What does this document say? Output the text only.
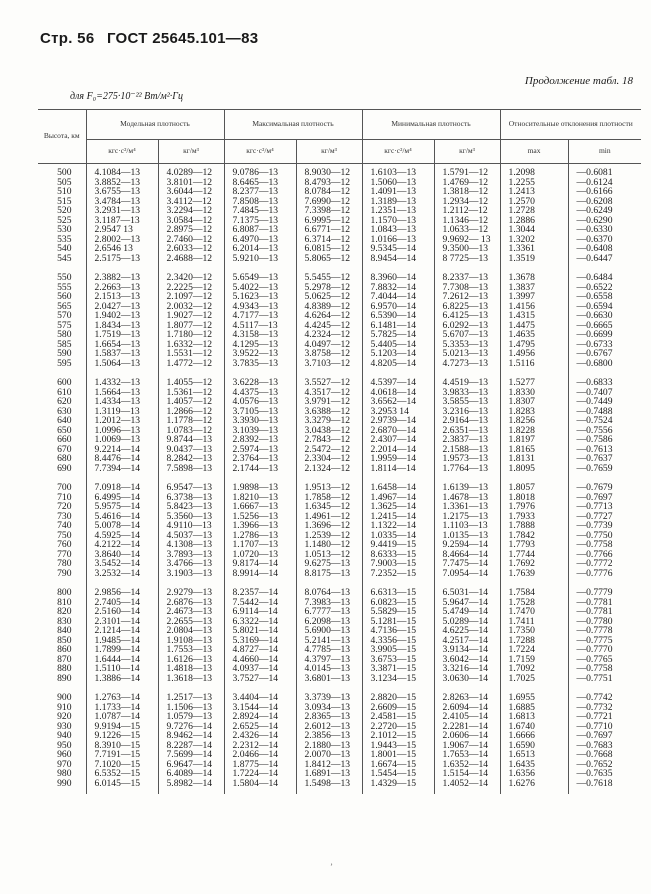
Стр. 56 ГОСТ 25645.101—83
Продолжение табл. 18
для F₀=275·10⁻²² Вт/м²·Гц
Высота, км	Модельная плотность		Максимальная плотность		Минимальная плотность		Относительные отклонения плотности	
	кгс·с²/м⁴	кг/м³	кгс·с²/м⁴	кг/м³	кгс·с²/м⁴	кг/м³	max	min
500	4.1084—13	4.0289—12	9.0786—13	8.9030—12	1.6103—13	1.5791—12	1.2098	—0.6081
505	3.8852—13	3.8101—12	8.6465—13	8.4793—12	1.5060—13	1.4769—12	1.2255	—0.6124
510	3.6755—13	3.6044—12	8.2377—13	8.0784—12	1.4091—13	1.3818—12	1.2413	—0.6166
515	3.4784—13	3.4112—12	7.8508—13	7.6990—12	1.3189—13	1.2934—12	1.2570	—0.6208
520	3.2931—13	3.2294—12	7.4845—13	7.3398—12	1.2351—13	1.2112—12	1.2728	—0.6249
525	3.1187—13	3.0584—12	7.1375—13	6.9995—12	1.1570—13	1.1346—12	1.2886	—0.6290
530	2.9547 13	2.8975—12	6.8087—13	6.6771—12	1.0843—13	1.0633—12	1.3044	—0.6330
535	2.8002—13	2.7460—12	6.4970—13	6.3714—12	1.0166—13	9.9692— 13	1.3202	—0.6370
540	2.6546 13	2.6033—12	6.2014—13	6.0815—12	9.5345—14	9.3500—13	1.3361	—0.6408
545	2.5175—13	2.4688—12	5.9210—13	5.8065—12	8.9454—14	8 7725—13	1.3519	—0.6447
550	2.3882—13	2.3420—12	5.6549—13	5.5455—12	8.3960—14	8.2337—13	1.3678	—0.6484
555	2.2663—13	2.2225—12	5.4022—13	5.2978—12	7.8832—14	7.7308—13	1.3837	—0.6522
560	2.1513—13	2.1097—12	5.1623—13	5.0625—12	7.4044—14	7.2612—13	1.3997	—0.6558
565	2.0427—13	2.0032—12	4.9343—13	4.8389—12	6.9570—14	6.8225—13	1.4156	—0.6594
570	1.9402—13	1.9027—12	4.7177—13	4.6264—12	6.5390—14	6.4125—13	1.4315	—0.6630
575	1.8434—13	1.8077—12	4.5117—13	4.4245—12	6.1481—14	6.0292—13	1.4475	—0.6665
580	1.7519—13	1.7180—12	4.3158—13	4.2324—12	5.7825—14	5.6707—13	1.4635	—0.6699
585	1.6654—13	1.6332—12	4.1295—13	4.0497—12	5.4405—14	5.3353—13	1.4795	—0.6733
590	1.5837—13	1.5531—12	3.9522—13	3.8758—12	5.1203—14	5.0213—13	1.4956	—0.6767
595	1.5064—13	1.4772—12	3.7835—13	3.7103—12	4.8205—14	4.7273—13	1.5116	—0.6800
600	1.4332—13	1.4055—12	3.6228—13	3.5527—12	4.5397—14	4.4519—13	1.5277	—0.6833
610	1.5664—13	1.5361—12	4.4375—13	4.3517—12	4.0618—14	3.9833—13	1.8330	—0.7407
620	1.4334—13	1.4057—12	4.0576—13	3.9791—12	3.6562—14	3.5855—13	1.8307	—0.7449
630	1.3119—13	1.2866—12	3.7105—13	3.6388—12	3.2953 14	3.2316—13	1.8283	—0.7488
640	1.2012—13	1.1778—12	3.3930—13	3.3279—12	2.9739—14	2.9164—13	1.8256	—0.7524
650	1.0996—13	1.0783—12	3.1039—13	3.0438—12	2.6870—14	2.6351—13	1.8228	—0.7556
660	1.0069—13	9.8744—13	2.8392—13	2.7843—12	2.4307—14	2.3837—13	1.8197	—0.7586
670	9.2214—14	9.0437—13	2.5974—13	2.5472—12	2.2014—14	2.1588—13	1.8165	—0.7613
680	8.4476—14	8.2842—13	2.3764—13	2.3304—12	1.9959—14	1.9573—13	1.8131	—0.7637
690	7.7394—14	7.5898—13	2.1744—13	2.1324—12	1.8114—14	1.7764—13	1.8095	—0.7659
700	7.0918—14	6.9547—13	1.9898—13	1.9513—12	1.6458—14	1.6139—13	1.8057	—0.7679
710	6.4995—14	6.3738—13	1.8210—13	1.7858—12	1.4967—14	1.4678—13	1.8018	—0.7697
720	5.9575—14	5.8423—13	1.6667—13	1.6345—12	1.3625—14	1.3361—13	1.7976	—0.7713
730	5.4616—14	5.3560—13	1.5256—13	1.4961—12	1.2415—14	1.2175—13	1.7933	—0.7727
740	5.0078—14	4.9110—13	1.3966—13	1.3696—12	1.1322—14	1.1103—13	1.7888	—0.7739
750	4.5925—14	4.5037—13	1.2786—13	1.2539—12	1.0335—14	1.0135—13	1.7842	—0.7750
760	4.2122—14	4.1308—13	1.1707—13	1.1480—12	9.4419—15	9.2594—14	1.7793	—0.7758
770	3.8640—14	3.7893—13	1.0720—13	1.0513—12	8.6333—15	8.4664—14	1.7744	—0.7766
780	3.5452—14	3.4766—13	9.8174—14	9.6275—13	7.9003—15	7.7475—14	1.7692	—0.7772
790	3.2532—14	3.1903—13	8.9914—14	8.8175—13	7.2352—15	7.0954—14	1.7639	—0.7776
800	2.9856—14	2.9279—13	8.2357—14	8.0764—13	6.6313—15	6.5031—14	1.7584	—0.7779
810	2.7405—14	2.6876—13	7.5442—14	7.3983—13	6.0823—15	5.9647—14	1.7528	—0.7781
820	2.5160—14	2.4673—13	6.9114—14	6.7777—13	5.5829—15	5.4749—14	1.7470	—0.7781
830	2.3101—14	2.2655—13	6.3322—14	6.2098—13	5.1281—15	5.0289—14	1.7411	—0.7780
840	2.1214—14	2.0804—13	5.8021—14	5.6900—13	4.7136—15	4.6225—14	1.7350	—0.7778
850	1.9485—14	1.9108—13	5.3169—14	5.2141—13	4.3356—15	4.2517—14	1.7288	—0.7775
860	1.7899—14	1.7553—13	4.8727—14	4.7785—13	3.9905—15	3.9134—14	1.7224	—0.7770
870	1.6444—14	1.6126—13	4.4660—14	4.3797—13	3.6753—15	3.6042—14	1.7159	—0.7765
880	1.5110—14	1.4818—13	4.0937—14	4.0145—13	3.3871—15	3.3216—14	1.7092	—0.7758
890	1.3886—14	1.3618—13	3.7527—14	3.6801—13	3.1234—15	3.0630—14	1.7025	—0.7751
900	1.2763—14	1.2517—13	3.4404—14	3.3739—13	2.8820—15	2.8263—14	1.6955	—0.7742
910	1.1733—14	1.1506—13	3.1544—14	3.0934—13	2.6609—15	2.6094—14	1.6885	—0.7732
920	1.0787—14	1.0579—13	2.8924—14	2.8365—13	2.4581—15	2.4105—14	1.6813	—0.7721
930	9.9194—15	9.7276—14	2.6525—14	2.6012—13	2.2720—15	2.2281—14	1.6740	—0.7710
940	9.1226—15	8.9462—14	2.4326—14	2.3856—13	2.1012—15	2.0606—14	1.6666	—0.7697
950	8.3910—15	8.2287—14	2.2312—14	2.1880—13	1.9443—15	1.9067—14	1.6590	—0.7683
960	7.7191—15	7.5699—14	2.0466—14	2.0070—13	1.8001—15	1.7653—14	1.6513	—0.7668
970	7.1020—15	6.9647—14	1.8775—14	1.8412—13	1.6674—15	1.6352—14	1.6435	—0.7652
980	6.5352—15	6.4089—14	1.7224—14	1.6891—13	1.5454—15	1.5154—14	1.6356	—0.7635
990	6.0145—15	5.8982—14	1.5804—14	1.5498—13	1.4329—15	1.4052—14	1.6276	—0.7618
ʼ
